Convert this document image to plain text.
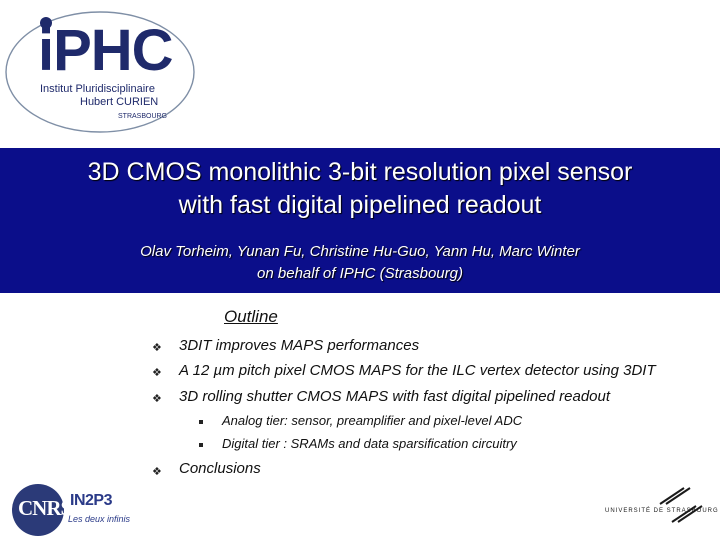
iPHC
Institut Pluridisciplinaire
Hubert CURIEN
STRASBOURG
3D CMOS monolithic 3-bit resolution pixel sensor
with fast digital pipelined readout
Olav Torheim, Yunan Fu, Christine Hu-Guo, Yann Hu, Marc Winter
on behalf of IPHC (Strasbourg)
Outline
❖ 3DIT improves MAPS performances
❖ A 12 µm pitch pixel CMOS MAPS for the ILC vertex detector using 3DIT
❖ 3D rolling shutter CMOS MAPS with fast digital pipelined readout
Analog tier: sensor, preamplifier and pixel-level ADC
Digital tier : SRAMs and data sparsification circuitry
❖ Conclusions
CNRS
IN2P3
Les deux infinis
UNIVERSITÉ DE STRASBOURG
